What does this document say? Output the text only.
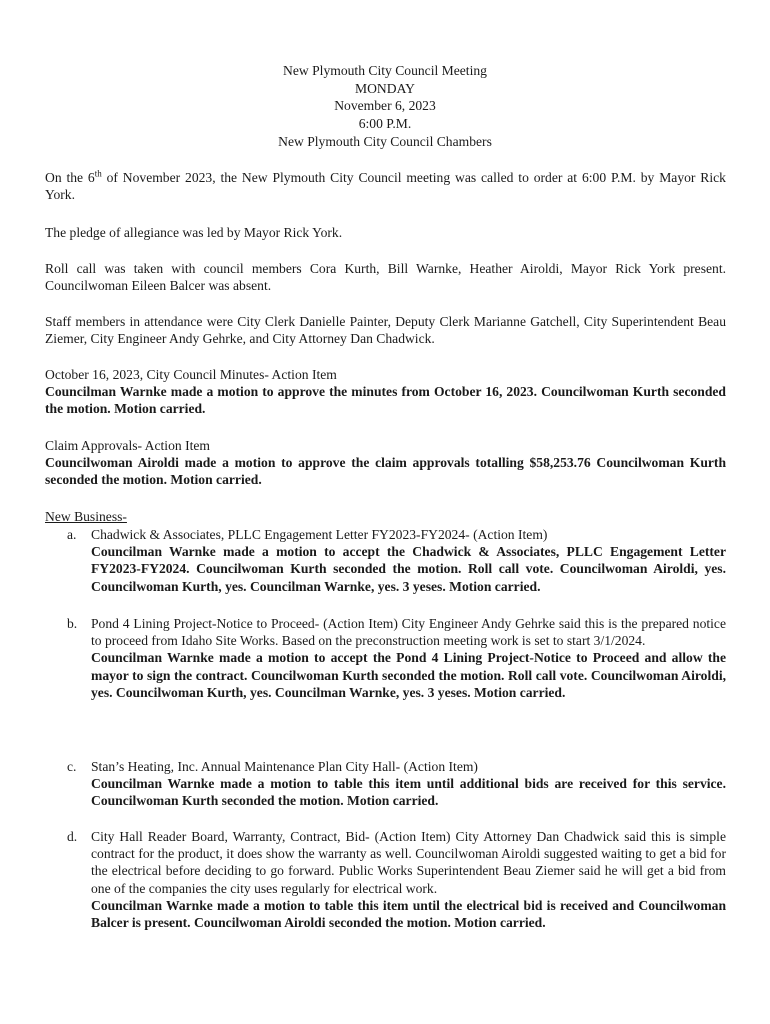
New Plymouth City Council Meeting
MONDAY
November 6, 2023
6:00 P.M.
New Plymouth City Council Chambers

On the 6th of November 2023, the New Plymouth City Council meeting was called to order at 6:00 P.M. by Mayor Rick York.

The pledge of allegiance was led by Mayor Rick York.

Roll call was taken with council members Cora Kurth, Bill Warnke, Heather Airoldi, Mayor Rick York present. Councilwoman Eileen Balcer was absent.

Staff members in attendance were City Clerk Danielle Painter, Deputy Clerk Marianne Gatchell, City Superintendent Beau Ziemer, City Engineer Andy Gehrke, and City Attorney Dan Chadwick.

October 16, 2023, City Council Minutes- Action Item
Councilman Warnke made a motion to approve the minutes from October 16, 2023. Councilwoman Kurth seconded the motion. Motion carried.
Claim Approvals- Action Item
Councilwoman Airoldi made a motion to approve the claim approvals totalling $58,253.76 Councilwoman Kurth seconded the motion. Motion carried.
New Business-
a. Chadwick & Associates, PLLC Engagement Letter FY2023-FY2024- (Action Item)
Councilman Warnke made a motion to accept the Chadwick & Associates, PLLC Engagement Letter FY2023-FY2024. Councilwoman Kurth seconded the motion. Roll call vote. Councilwoman Airoldi, yes. Councilwoman Kurth, yes. Councilman Warnke, yes. 3 yeses. Motion carried.
b. Pond 4 Lining Project-Notice to Proceed- (Action Item) City Engineer Andy Gehrke said this is the prepared notice to proceed from Idaho Site Works. Based on the preconstruction meeting work is set to start 3/1/2024.
Councilman Warnke made a motion to accept the Pond 4 Lining Project-Notice to Proceed and allow the mayor to sign the contract. Councilwoman Kurth seconded the motion. Roll call vote. Councilwoman Airoldi, yes. Councilwoman Kurth, yes. Councilman Warnke, yes. 3 yeses. Motion carried.
c. Stan’s Heating, Inc. Annual Maintenance Plan City Hall- (Action Item)
Councilman Warnke made a motion to table this item until additional bids are received for this service. Councilwoman Kurth seconded the motion. Motion carried.
d. City Hall Reader Board, Warranty, Contract, Bid- (Action Item) City Attorney Dan Chadwick said this is simple contract for the product, it does show the warranty as well. Councilwoman Airoldi suggested waiting to get a bid for the electrical before deciding to go forward. Public Works Superintendent Beau Ziemer said he will get a bid from one of the companies the city uses regularly for electrical work.
Councilman Warnke made a motion to table this item until the electrical bid is received and Councilwoman Balcer is present. Councilwoman Airoldi seconded the motion. Motion carried.
